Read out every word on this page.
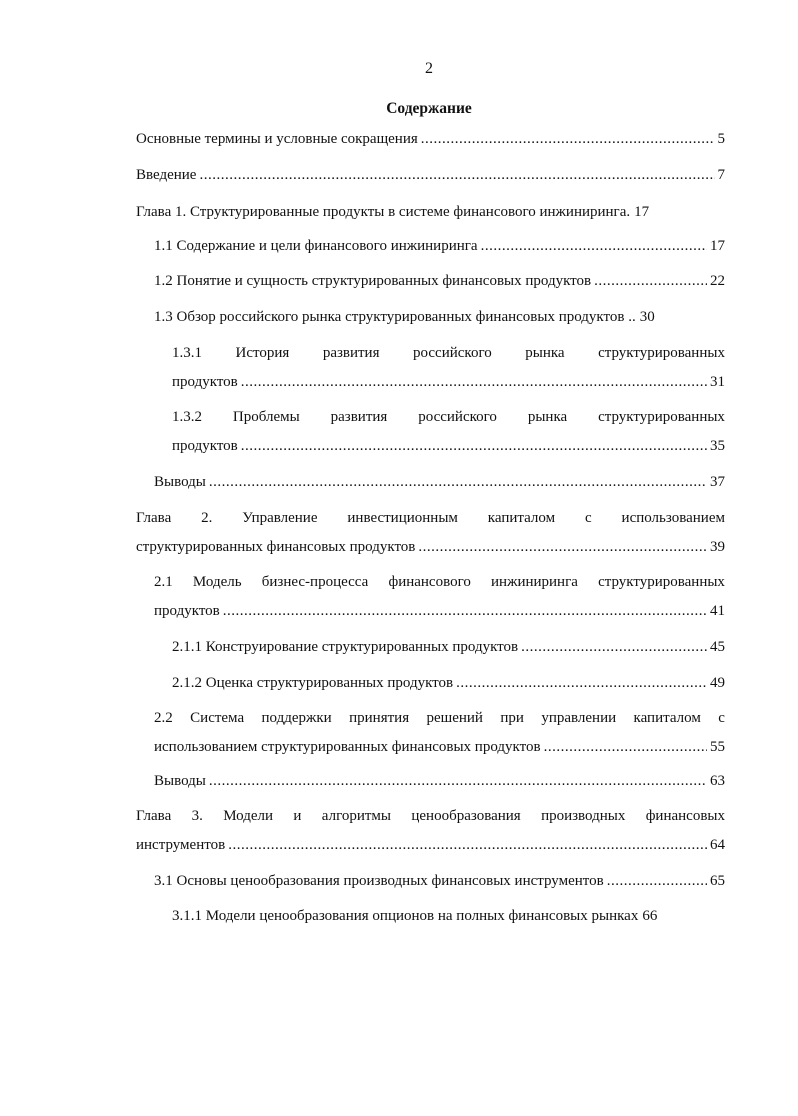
2
Содержание
Основные термины и условные сокращения .....	5
Введение .....	7
Глава 1. Структурированные продукты в системе финансового инжиниринга. 17
1.1 Содержание и цели финансового инжиниринга .....	17
1.2 Понятие и сущность структурированных финансовых продуктов .....	22
1.3 Обзор российского рынка структурированных финансовых продуктов .. 30
1.3.1 История развития российского рынка структурированных
продуктов .....	31
1.3.2 Проблемы развития российского рынка структурированных
продуктов .....	35
Выводы .....	37
Глава 2. Управление инвестиционным капиталом с использованием
структурированных финансовых продуктов .....	39
2.1 Модель бизнес-процесса финансового инжиниринга структурированных
продуктов .....	41
2.1.1 Конструирование структурированных продуктов .....	45
2.1.2 Оценка структурированных продуктов .....	49
2.2 Система поддержки принятия решений при управлении капиталом с
использованием структурированных финансовых продуктов .....	55
Выводы .....	63
Глава 3. Модели и алгоритмы ценообразования производных финансовых
инструментов .....	64
3.1 Основы ценообразования производных финансовых инструментов .....	65
3.1.1 Модели ценообразования опционов на полных финансовых рынках 66
